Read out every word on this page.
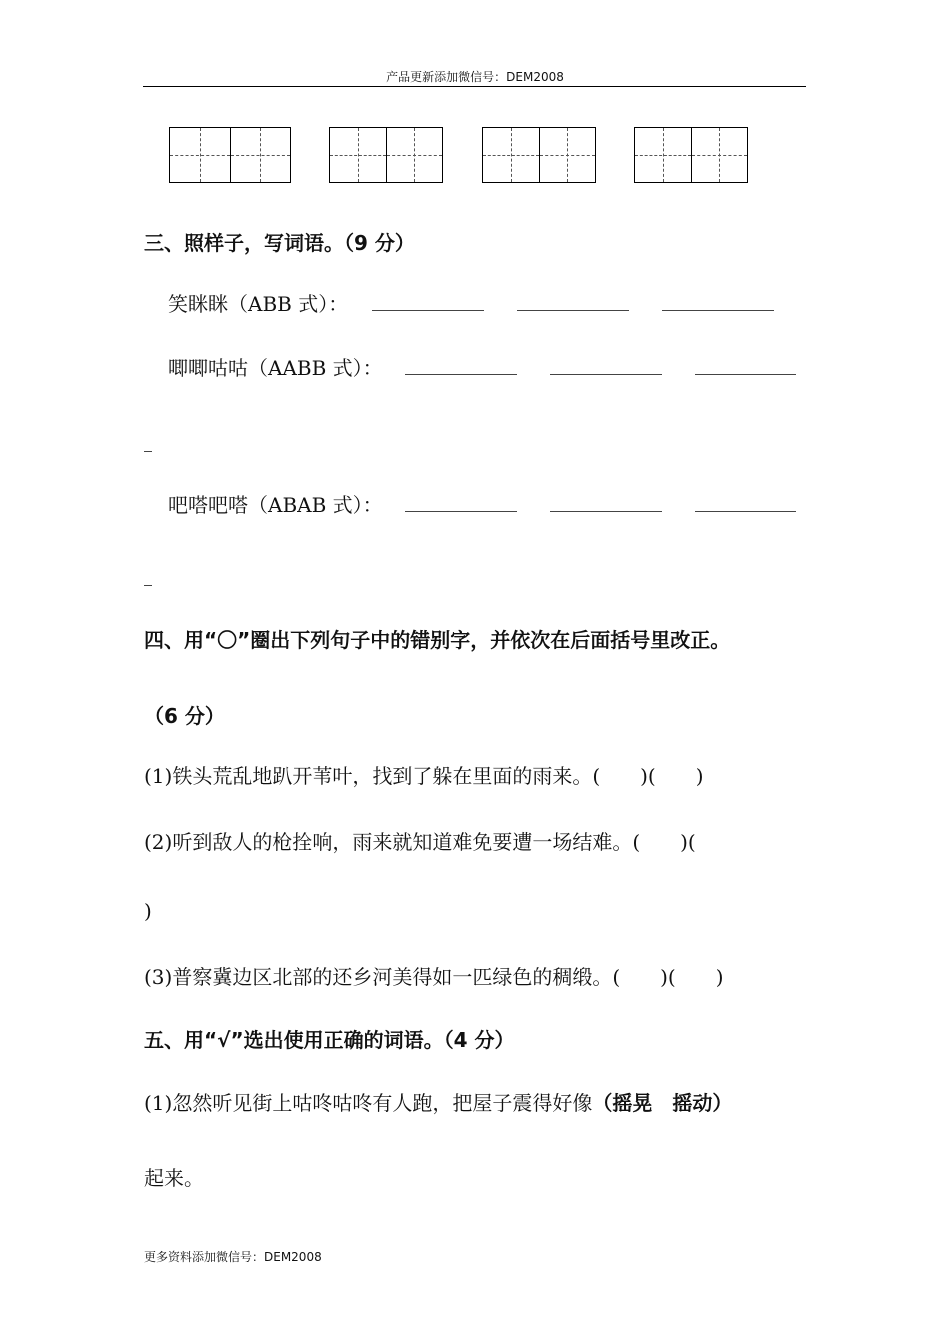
产品更新添加微信号：DEM2008
三、照样子，写词语。（9 分）
笑眯眯（ABB 式）：
唧唧咕咕（AABB 式）：
吧嗒吧嗒（ABAB 式）：
四、用“〇”圈出下列句子中的错别字，并依次在后面括号里改正。
（6 分）
(1)铁头荒乱地趴开苇叶，找到了躲在里面的雨来。(　　)(　　)
(2)听到敌人的枪拴响，雨来就知道难免要遭一场结难。(　　)(
)
(3)普察冀边区北部的还乡河美得如一匹绿色的稠缎。(　　)(　　)
五、用“√”选出使用正确的词语。（4 分）
(1)忽然听见街上咕咚咕咚有人跑，把屋子震得好像（摇晃　摇动）
起来。
更多资料添加微信号：DEM2008
